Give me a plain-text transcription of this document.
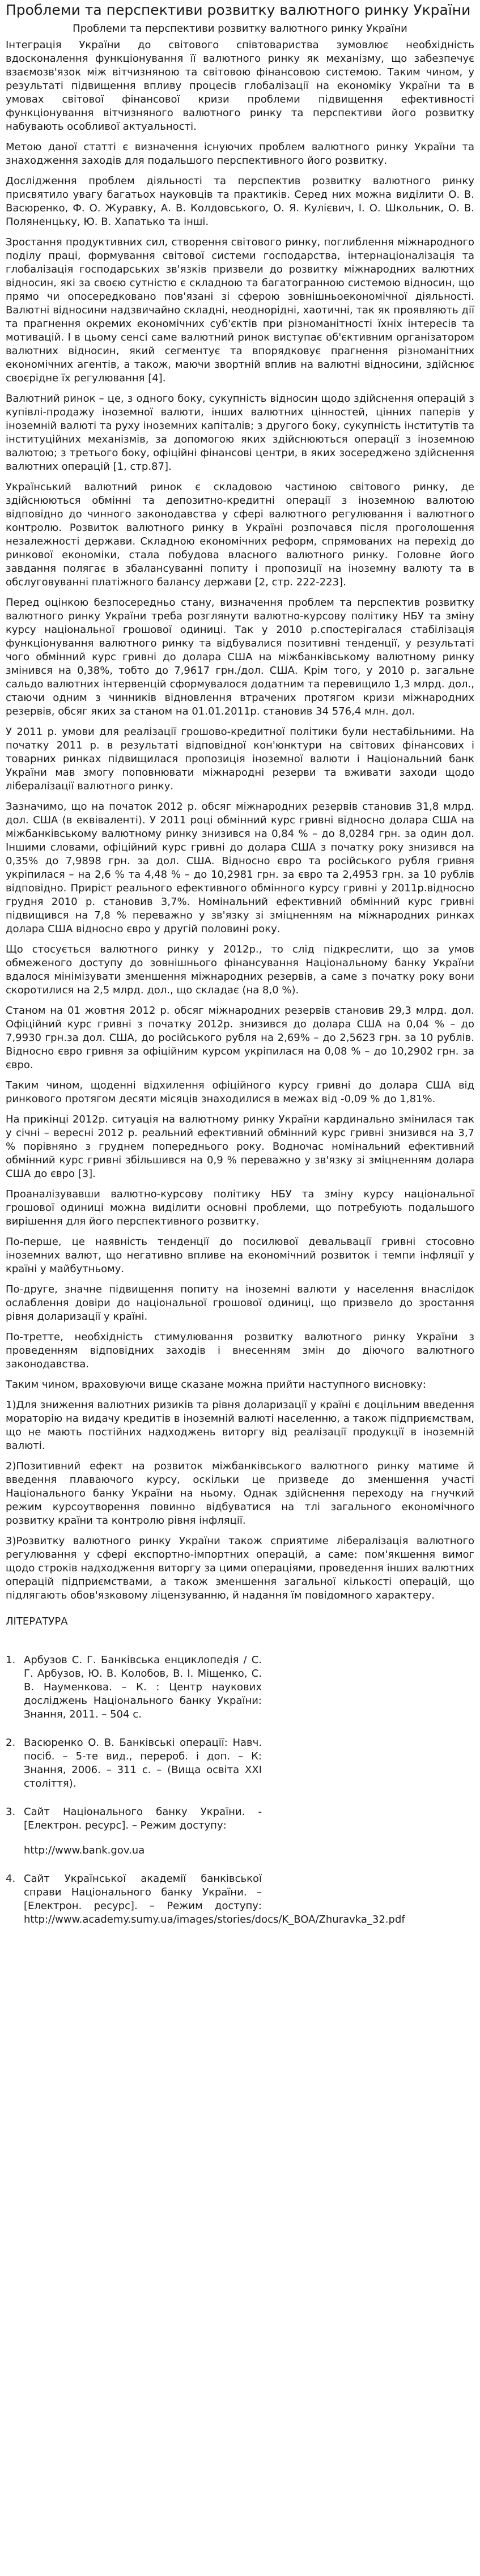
Проблеми та перспективи розвитку валютного ринку України
Проблеми та перспективи розвитку валютного ринку України

Інтеграція України до світового співтовариства зумовлює необхідність вдосконалення функціонування її валютного ринку як механізму, що забезпечує взаємозв'язок між вітчизняною та світовою фінансовою системою. Таким чином, у результаті підвищення впливу процесів глобалізації на економіку України та в умовах світової фінансової кризи проблеми підвищення ефективності функціонування вітчизняного валютного ринку та перспективи його розвитку набувають особливої актуальності.

Метою даної статті є визначення існуючих проблем валютного ринку України та знаходження заходів для подальшого перспективного його розвитку.

Дослідження проблем діяльності та перспектив розвитку валютного ринку присвятило увагу багатьох науковців та практиків. Серед них можна виділити О. В. Васюренко, Ф. О. Журавку, А. В. Колдовського, О. Я. Кулієвич, І. О. Школьник, О. В. Поляненцьку, Ю. В. Хапатько та інші.

Зростання продуктивних сил, створення світового ринку, поглиблення міжнародного поділу праці, формування світової системи господарства, інтернаціоналізація та глобалізація господарських зв'язків призвели до розвитку міжнародних валютних відносин, які за своєю сутністю є складною та багатогранною системою відносин, що прямо чи опосередковано пов'язані зі сферою зовнішньоекономічної діяльності. Валютні відносини надзвичайно складні, неоднорідні, хаотичні, так як проявляють дії та прагнення окремих економічних суб'єктів при різноманітності їхніх інтересів та мотивацій. І в цьому сенсі саме валютний ринок виступає об'єктивним організатором валютних відносин, який сегментує та впорядковує прагнення різноманітних економічних агентів, а також, маючи звортній вплив на валютні відносини, здійснює своєрідне їх регулювання [4].

Валютний ринок – це, з одного боку, сукупність відносин щодо здійснення операцій з купівлі-продажу іноземної валюти, інших валютних цінностей, цінних паперів у іноземній валюті та руху іноземних капіталів; з другого боку, сукупність інститутів та інституційних механізмів, за допомогою яких здійснюються операції з іноземною валютою; з третього боку, офіційні фінансові центри, в яких зосереджено здійснення валютних операцій [1, стр.87].

Український валютний ринок є складовою частиною світового ринку, де здійснюються обмінні та депозитно-кредитні операції з іноземною валютою відповідно до чинного законодавства у сфері валютного регулювання і валютного контролю. Розвиток валютного ринку в Україні розпочався після проголошення незалежності держави. Складною економічних реформ, спрямованих на перехід до ринкової економіки, стала побудова власного валютного ринку. Головне його завдання полягає в збалансуванні попиту і пропозиції на іноземну валюту та в обслуговуванні платіжного балансу держави [2, стр. 222-223].

Перед оцінкою безпосередньо стану, визначення проблем та перспектив розвитку валютного ринку України треба розглянути валютно-курсову політику НБУ та зміну курсу національної грошової одиниці. Так у 2010 р.спостерігалася стабілізація функціонування валютного ринку та відбувалися позитивні тенденції, у результаті чого обмінний курс гривні до долара США на міжбанківському валютному ринку змінився на 0,38%, тобто до 7,9617 грн./дол. США. Крім того, у 2010 р. загальне сальдо валютних інтервенцій сформувалося додатним та перевищило 1,3 млрд. дол., стаючи одним з чинників відновлення втрачених протягом кризи міжнародних резервів, обсяг яких за станом на 01.01.2011р. становив 34 576,4 млн. дол.

У 2011 р. умови для реалізації грошово-кредитної політики були нестабільними. На початку 2011 р. в результаті відповідної кон'юнктури на світових фінансових і товарних ринках підвищилася пропозиція іноземної валюти і Національний банк України мав змогу поповнювати міжнародні резерви та вживати заходи щодо лібералізації валютного ринку.

Зазначимо, що на початок 2012 р. обсяг міжнародних резервів становив 31,8 млрд. дол. США (в еквіваленті). У 2011 році обмінний курс гривні відносно долара США на міжбанківському валютному ринку знизився на 0,84 % – до 8,0284 грн. за один дол. Іншими словами, офіційний курс гривні до долара США з початку року знизився на 0,35% до 7,9898 грн. за дол. США. Відносно євро та російського рубля гривня укріпилася – на 2,6 % та 4,48 % – до 10,2981 грн. за євро та 2,4953 грн. за 10 рублів відповідно. Прирiст реального ефективного обмінного курсу гривні у 2011р.відносно грудня 2010 р. становив 3,7%. Номінальний ефективний обмінний курс гривні підвищився на 7,8 % переважно у зв'язку зі зміцненням на міжнародних ринках долара США відносно євро у другій половині року.

Що стосується валютного ринку у 2012р., то слід підкреслити, що за умов обмеженого доступу до зовнішнього фінансування Національному банку України вдалося мінімізувати зменшення міжнародних резервів, а саме з початку року вони скоротилися на 2,5 млрд. дол., що складає (на 8,0 %).

Станом на 01 жовтня 2012 р. обсяг міжнародних резервів становив 29,3 млрд. дол. Офіційний курс гривні з початку 2012р. знизився до долара США на 0,04 % – до 7,9930 грн.за дол. США, до російського рубля на 2,69% – до 2,5623 грн. за 10 рублів. Відносно євро гривня за офіційним курсом укріпилася на 0,08 % – до 10,2902 грн. за євро.

Таким чином, щоденні відхилення офіційного курсу гривні до долара США від ринкового протягом десяти місяців знаходилися в межах від -0,09 % до 1,81%.

На прикінці 2012р. ситуація на валютному ринку України кардинально змінилася так у січні – вересні 2012 р. реальний ефективний обмінний курс гривні знизився на 3,7 % порівняно з груднем попереднього року. Водночас номінальний ефективний обмінний курс гривні збільшився на 0,9 % переважно у зв'язку зі зміцненням долара США до євро [3].

Проаналізувавши валютно-курсову політику НБУ та зміну курсу національної грошової одиниці можна виділити основні проблеми, що потребують подальшого вирішення для його перспективного розвитку.

По-перше, це наявність тенденції до посилювої девальвації гривні стосовно іноземних валют, що негативно впливе на економічний розвиток і темпи інфляції у країні у майбутньому.

По-друге, значне підвищення попиту на іноземні валюти у населення внаслідок ослаблення довіри до національної грошової одиниці, що призвело до зростання рівня доларизації у країні.

По-третте, необхідність стимулювання розвитку валютного ринку України з проведенням відповідних заходів і внесенням змін до діючого валютного законодавства.

Таким чином, враховуючи вище сказане можна прийти наступного висновку:

1)Для зниження валютних ризиків та рівня доларизації у країні є доцільним введення мораторію на видачу кредитів в іноземній валюті населенню, а також підприємствам, що не мають постійних надходжень виторгу від реалізації продукції в іноземній валюті.

2)Позитивний ефект на розвиток міжбанківського валютного ринку матиме й введення плаваючого курсу, оскільки це призведе до зменшення участі Національного банку України на ньому. Однак здійснення переходу на гнучкий режим курсоутворення повинно відбуватися на тлі загального економічного розвитку країни та контролю рівня інфляції.

3)Розвитку валютного ринку України також сприятиме лібералізація валютного регулювання у сфері експортно-імпортних операцій, а саме: пом'якшення вимог щодо строків надходження виторгу за цими операціями, проведення інших валютних операцій підприємствами, а також зменшення загальної кількості операцій, що підлягають обов'язковому ліцензуванню, й надання їм повідомного характеру.

ЛІТЕРАТУРА
1. Арбузов С. Г. Банківська енциклопедія / С. Г. Арбузов, Ю. В. Колобов, В. І. Міщенко, С. В. Науменкова. – К. : Центр наукових досліджень Національного банку України: Знання, 2011. – 504 с.
2. Васюренко О. В. Банківські операції: Навч. посіб. – 5-те вид., перероб. і доп. – К: Знання, 2006. – 311 с. – (Вища освіта ХХІ століття).
3. Сайт Національного банку України. - [Електрон. ресурс]. – Режим доступу:
http://www.bank.gov.ua
4. Сайт Української академії банківської справи Національного банку України. – [Електрон. ресурс]. – Режим доступу: http://www.academy.sumy.ua/images/stories/docs/K_BOA/Zhuravka_32.pdf
